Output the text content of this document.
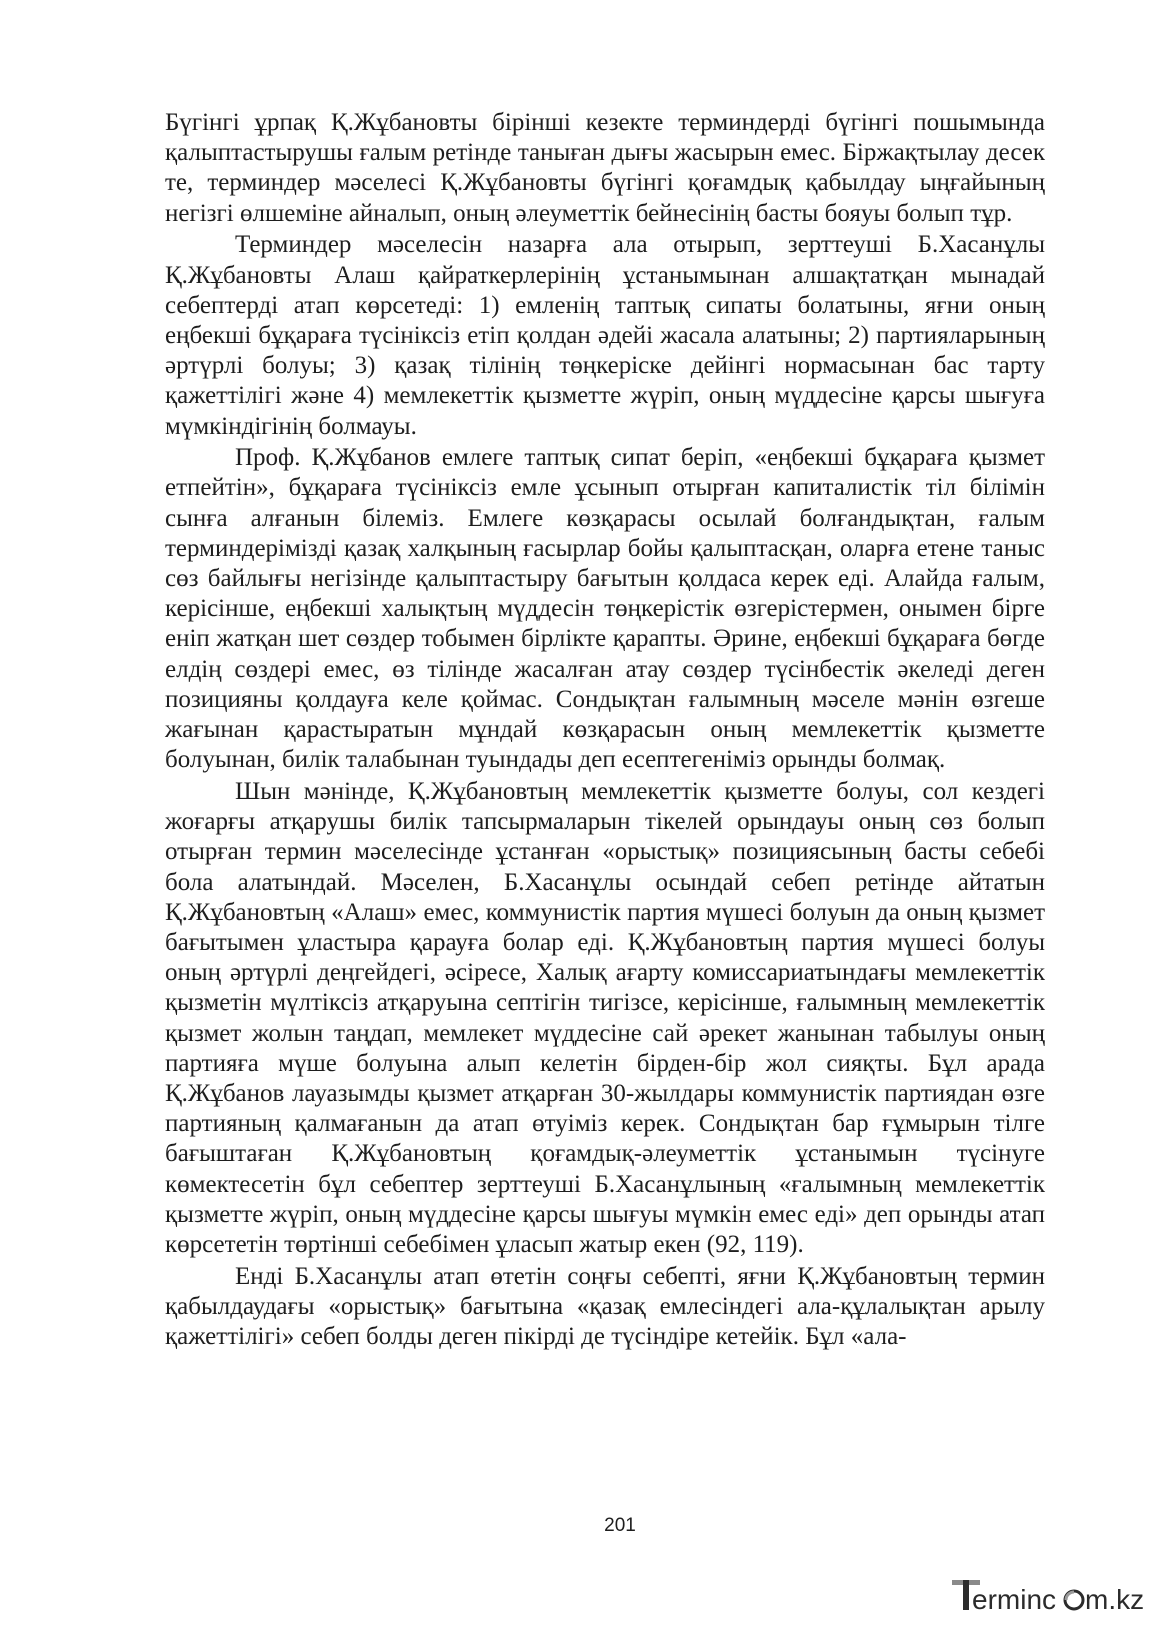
Бүгінгі ұрпақ Қ.Жұбановты бірінші кезекте терминдерді бүгінгі пошымында қалыптастырушы ғалым ретінде таныған дығы жасырын емес. Біржақтылау десек те, терминдер мәселесі Қ.Жұбановты бүгінгі қоғамдық қабылдау ыңғайының негізгі өлшеміне айналып, оның әлеуметтік бейнесінің басты бояуы болып тұр.

Терминдер мәселесін назарға ала отырып, зерттеуші Б.Хасанұлы Қ.Жұбановты Алаш қайраткерлерінің ұстанымынан алшақтатқан мынадай себептерді атап көрсетеді: 1) емленің таптық сипаты болатыны, яғни оның еңбекші бұқараға түсініксіз етіп қолдан әдейі жасала алатыны; 2) партияларының әртүрлі болуы; 3) қазақ тілінің төңкеріске дейінгі нормасынан бас тарту қажеттілігі және 4) мемлекеттік қызметте жүріп, оның мүддесіне қарсы шығуға мүмкіндігінің болмауы.

Проф. Қ.Жұбанов емлеге таптық сипат беріп, «еңбекші бұқараға қызмет етпейтін», бұқараға түсініксіз емле ұсынып отырған капиталистік тіл білімін сынға алғанын білеміз. Емлеге көзқарасы осылай болғандықтан, ғалым терминдерімізді қазақ халқының ғасырлар бойы қалыптасқан, оларға етене таныс сөз байлығы негізінде қалыптастыру бағытын қолдаса керек еді. Алайда ғалым, керісінше, еңбекші халықтың мүддесін төңкерістік өзгерістермен, онымен бірге еніп жатқан шет сөздер тобымен бірлікте қарапты. Әрине, еңбекші бұқараға бөгде елдің сөздері емес, өз тілінде жасалған атау сөздер түсінбестік әкеледі деген позицияны қолдауға келе қоймас. Сондықтан ғалымның мәселе мәнін өзгеше жағынан қарастыратын мұндай көзқарасын оның мемлекеттік қызметте болуынан, билік талабынан туындады деп есептегеніміз орынды болмақ.

Шын мәнінде, Қ.Жұбановтың мемлекеттік қызметте болуы, сол кездегі жоғарғы атқарушы билік тапсырмаларын тікелей орындауы оның сөз болып отырған термин мәселесінде ұстанған «орыстық» позициясының басты себебі бола алатындай. Мәселен, Б.Хасанұлы осындай себеп ретінде айтатын Қ.Жұбановтың «Алаш» емес, коммунистік партия мүшесі болуын да оның қызмет бағытымен ұластыра қарауға болар еді. Қ.Жұбановтың партия мүшесі болуы оның әртүрлі деңгейдегі, әсіресе, Халық ағарту комиссариатындағы мемлекеттік қызметін мүлтіксіз атқаруына септігін тигізсе, керісінше, ғалымның мемлекеттік қызмет жолын таңдап, мемлекет мүддесіне сай әрекет жанынан табылуы оның партияға мүше болуына алып келетін бірден-бір жол сияқты. Бұл арада Қ.Жұбанов лауазымды қызмет атқарған 30-жылдары коммунистік партиядан өзге партияның қалмағанын да атап өтуіміз керек. Сондықтан бар ғұмырын тілге бағыштаған Қ.Жұбановтың қоғамдық-әлеуметтік ұстанымын түсінуге көмектесетін бұл себептер зерттеуші Б.Хасанұлының «ғалымның мемлекеттік қызметте жүріп, оның мүддесіне қарсы шығуы мүмкін емес еді» деп орынды атап көрсететін төртінші себебімен ұласып жатыр екен (92, 119).

Енді Б.Хасанұлы атап өтетін соңғы себепті, яғни Қ.Жұбановтың термин қабылдаудағы «орыстық» бағытына «қазақ емлесіндегі ала-құлалықтан арылу қажеттілігі» себеп болды деген пікірді де түсіндіре кетейік. Бұл «ала-

201
erminc m.kz
